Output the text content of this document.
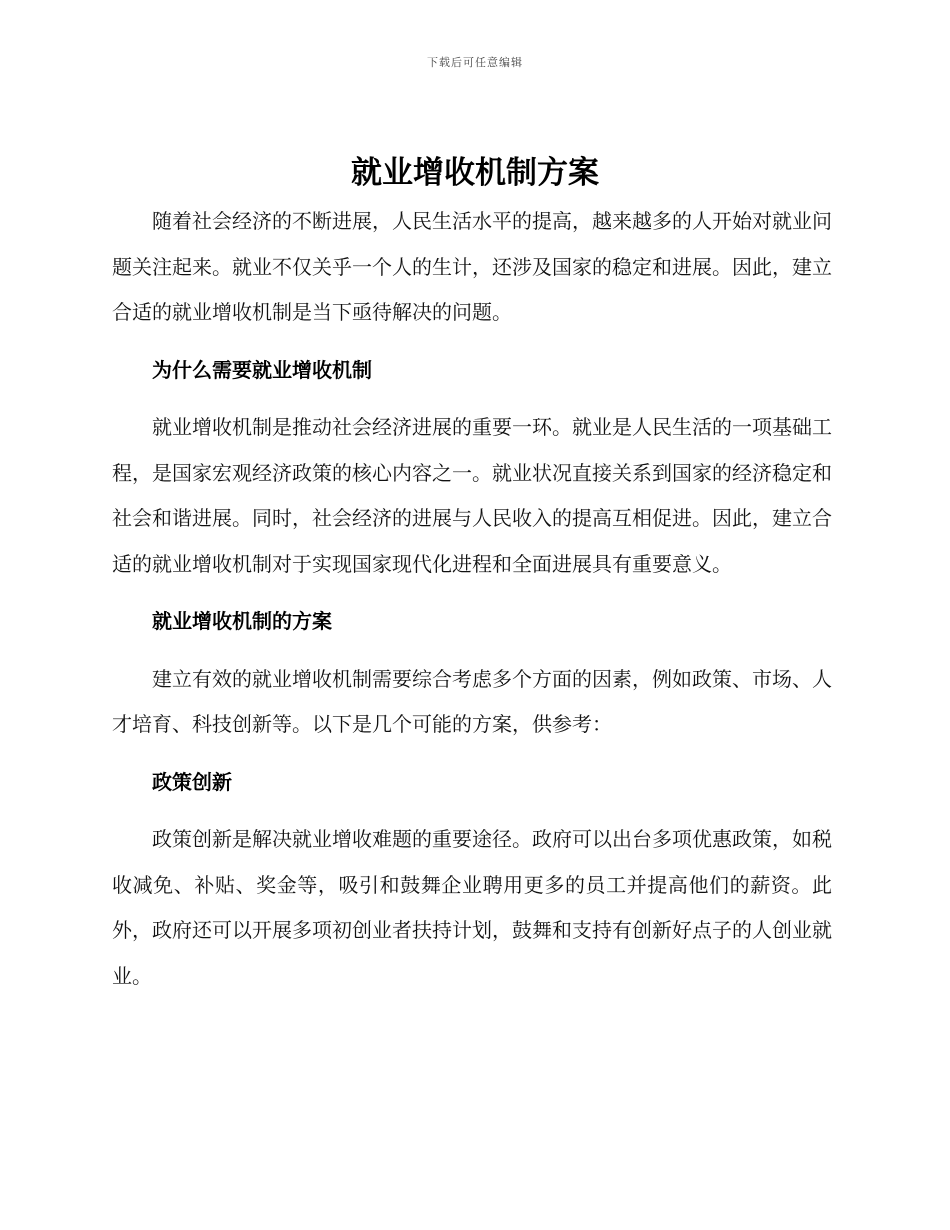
下载后可任意编辑
就业增收机制方案

随着社会经济的不断进展，人民生活水平的提高，越来越多的人开始对就业问题关注起来。就业不仅关乎一个人的生计，还涉及国家的稳定和进展。因此，建立合适的就业增收机制是当下亟待解决的问题。

为什么需要就业增收机制

就业增收机制是推动社会经济进展的重要一环。就业是人民生活的一项基础工程，是国家宏观经济政策的核心内容之一。就业状况直接关系到国家的经济稳定和社会和谐进展。同时，社会经济的进展与人民收入的提高互相促进。因此，建立合适的就业增收机制对于实现国家现代化进程和全面进展具有重要意义。

就业增收机制的方案

建立有效的就业增收机制需要综合考虑多个方面的因素，例如政策、市场、人才培育、科技创新等。以下是几个可能的方案，供参考：

政策创新

政策创新是解决就业增收难题的重要途径。政府可以出台多项优惠政策，如税收减免、补贴、奖金等，吸引和鼓舞企业聘用更多的员工并提高他们的薪资。此外，政府还可以开展多项初创业者扶持计划，鼓舞和支持有创新好点子的人创业就业。
